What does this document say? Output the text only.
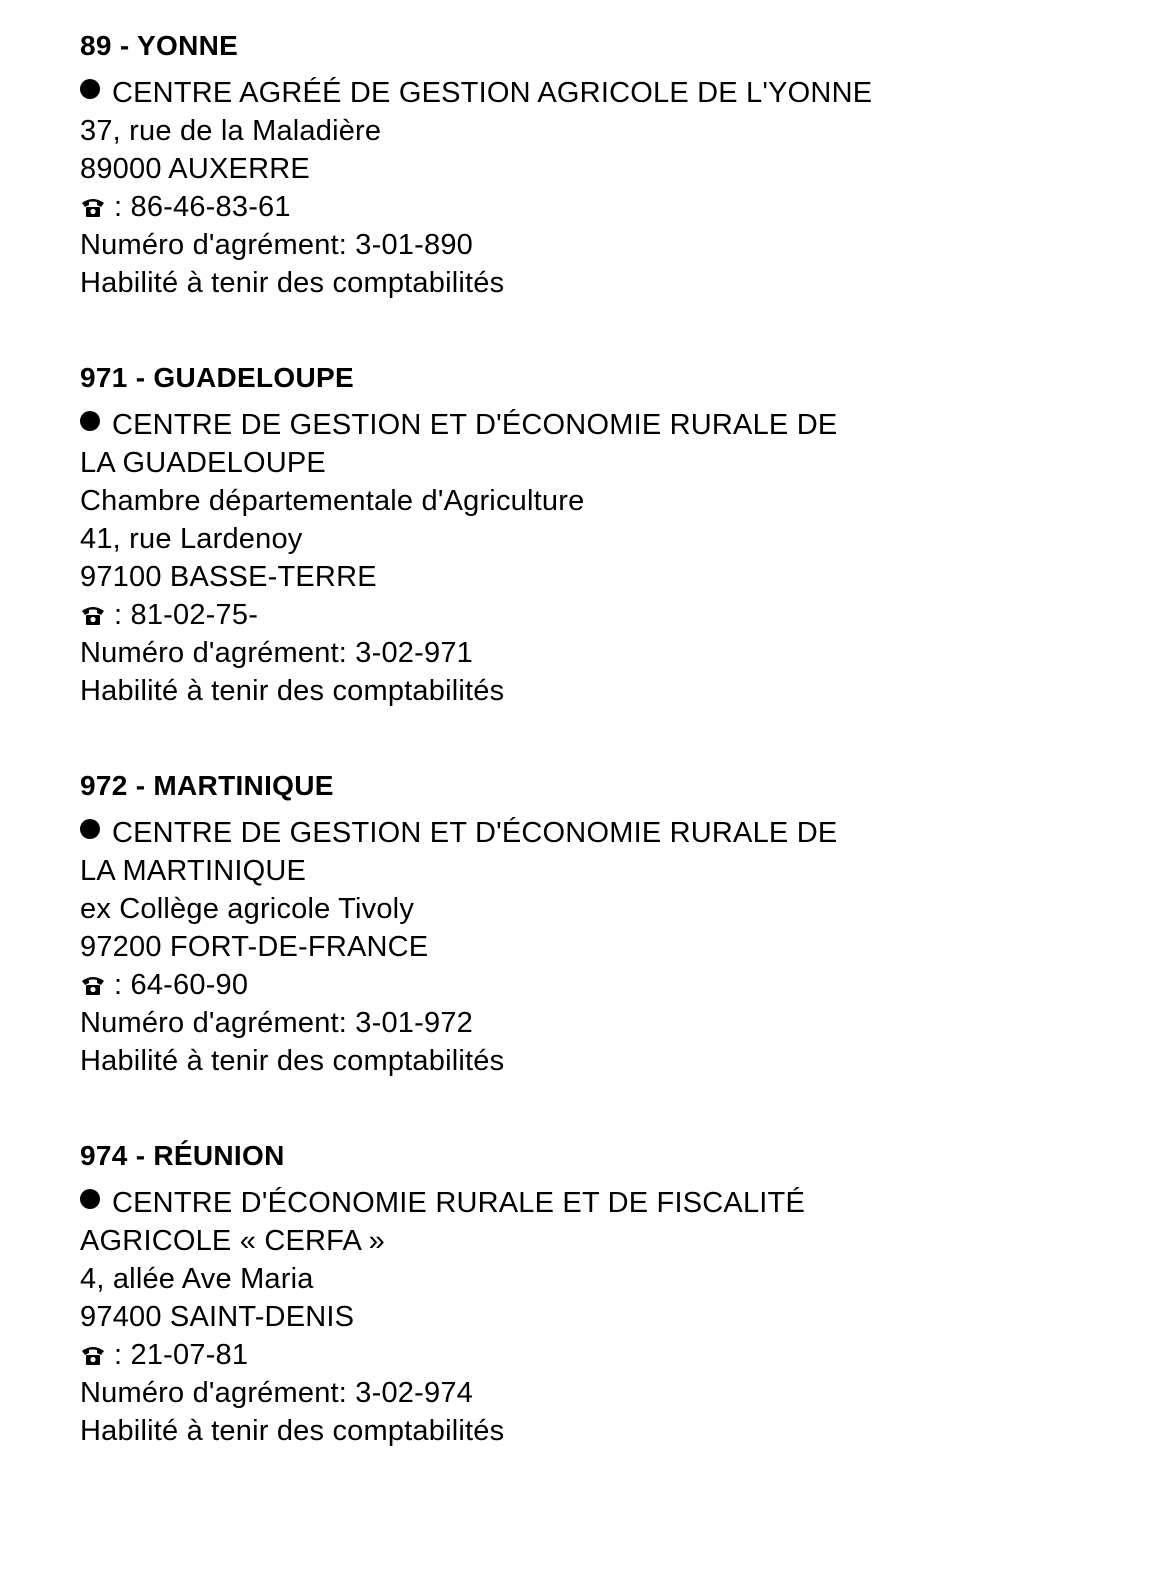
89 - YONNE
CENTRE AGRÉÉ DE GESTION AGRICOLE DE L'YONNE
37, rue de la Maladière
89000 AUXERRE
: 86-46-83-61
Numéro d'agrément: 3-01-890
Habilité à tenir des comptabilités
971 - GUADELOUPE
CENTRE DE GESTION ET D'ÉCONOMIE RURALE DE
LA GUADELOUPE
Chambre départementale d'Agriculture
41, rue Lardenoy
97100 BASSE-TERRE
: 81-02-75-
Numéro d'agrément: 3-02-971
Habilité à tenir des comptabilités
972 - MARTINIQUE
CENTRE DE GESTION ET D'ÉCONOMIE RURALE DE
LA MARTINIQUE
ex Collège agricole Tivoly
97200 FORT-DE-FRANCE
: 64-60-90
Numéro d'agrément: 3-01-972
Habilité à tenir des comptabilités
974 - RÉUNION
CENTRE D'ÉCONOMIE RURALE ET DE FISCALITÉ
AGRICOLE « CERFA »
4, allée Ave Maria
97400 SAINT-DENIS
: 21-07-81
Numéro d'agrément: 3-02-974
Habilité à tenir des comptabilités
